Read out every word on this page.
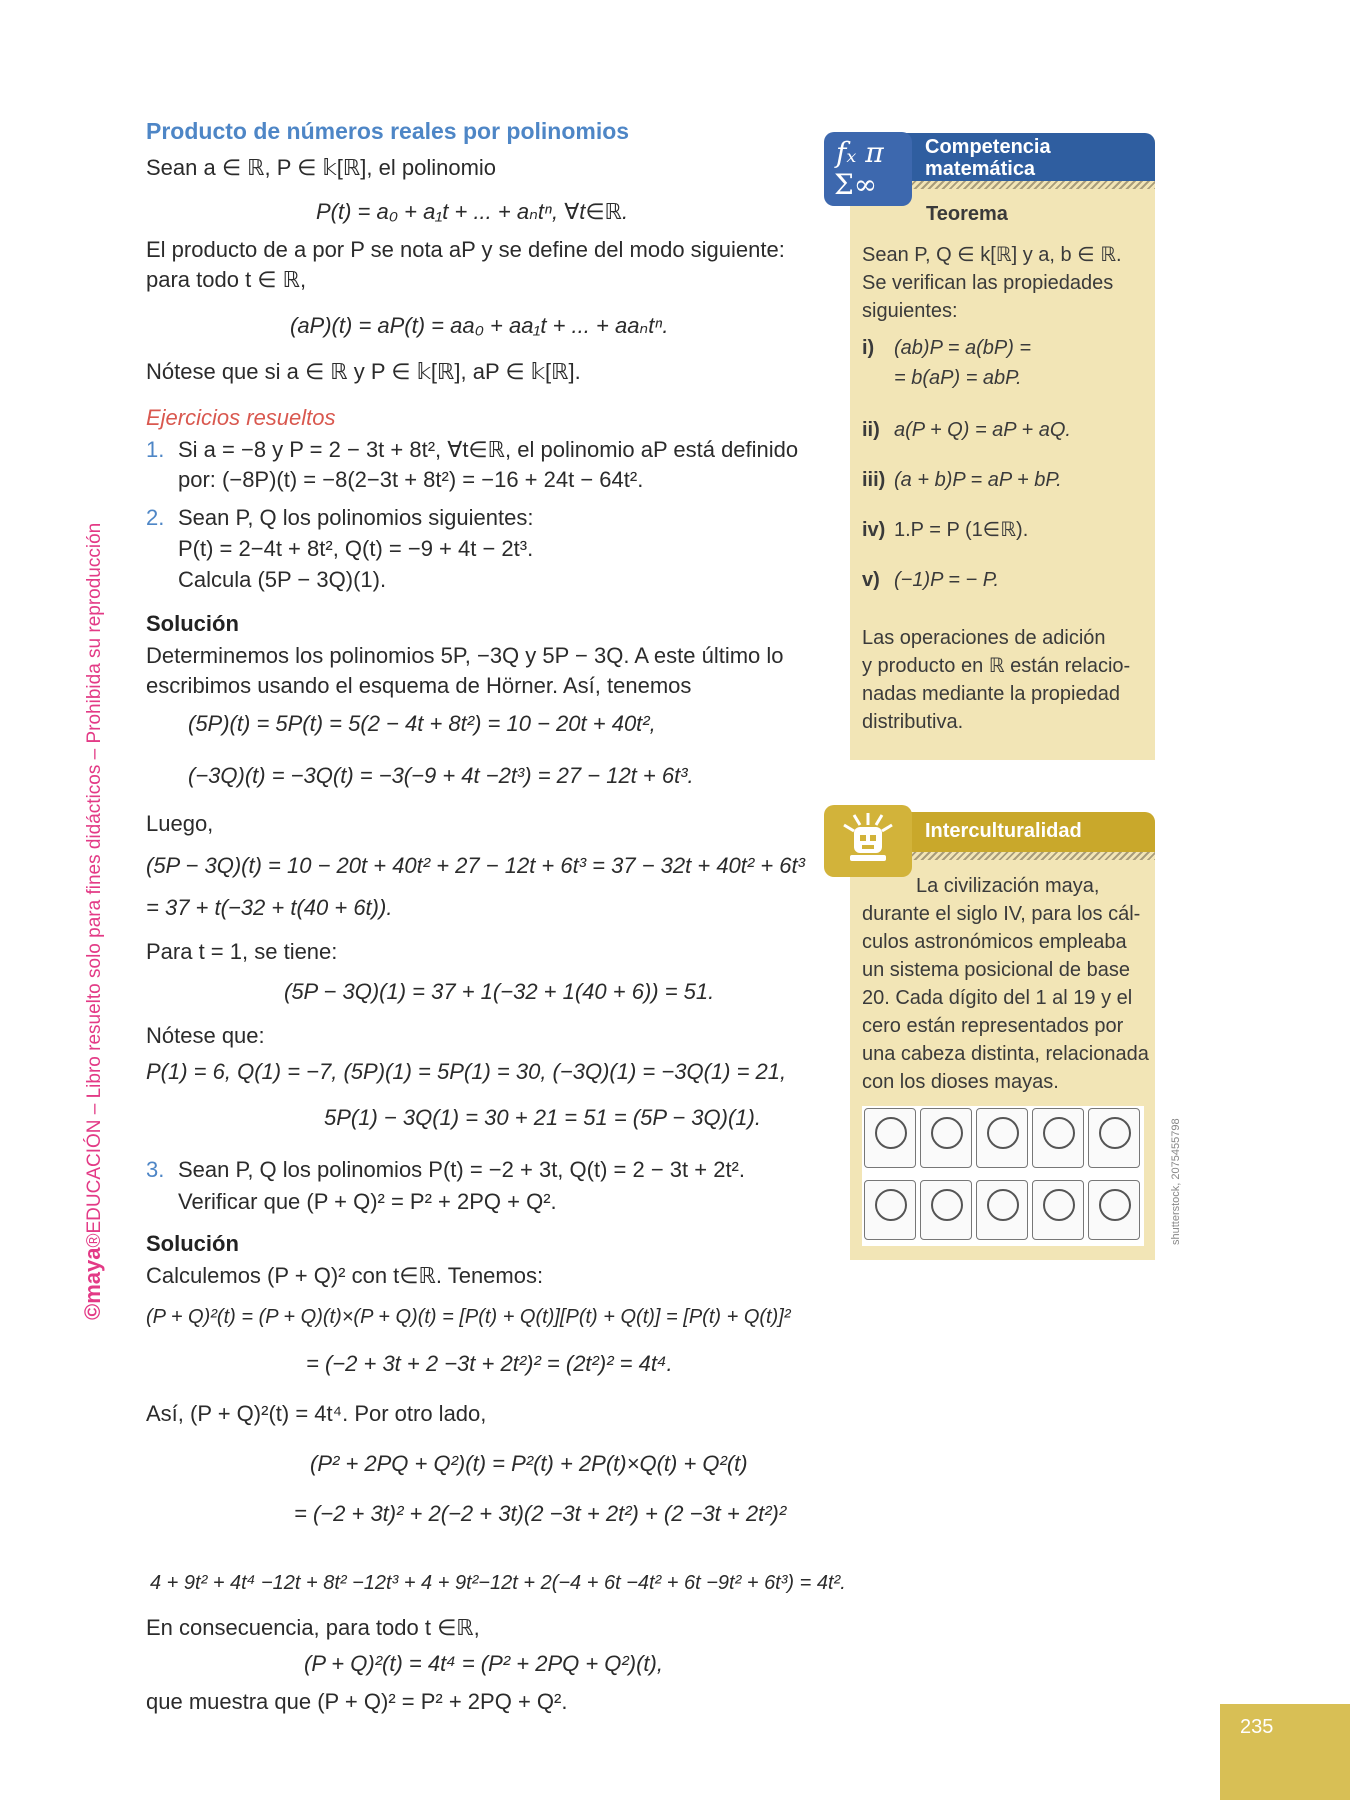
Producto de números reales por polinomios
Sean a ∈ ℝ, P ∈ 𝕜[ℝ], el polinomio
P(t) = a₀ + a₁t + ... + aₙtⁿ, ∀t∈ℝ.
El producto de a por P se nota aP y se define del modo siguiente:
para todo t ∈ ℝ,
(aP)(t) = aP(t) = aa₀ + aa₁t + ... + aaₙtⁿ.
Nótese que si a ∈ ℝ y P ∈ 𝕜[ℝ], aP ∈ 𝕜[ℝ].
Ejercicios resueltos
1. Si a = −8 y P = 2 − 3t + 8t², ∀t∈ℝ, el polinomio aP está definido
por: (−8P)(t) = −8(2−3t + 8t²) = −16 + 24t − 64t².
2. Sean P, Q los polinomios siguientes:
P(t) = 2−4t + 8t², Q(t) = −9 + 4t − 2t³.
Calcula (5P − 3Q)(1).
Solución
Determinemos los polinomios 5P, −3Q y 5P − 3Q. A este último lo
escribimos usando el esquema de Hörner. Así, tenemos
(5P)(t) = 5P(t) = 5(2 − 4t + 8t²) = 10 − 20t + 40t²,
(−3Q)(t) = −3Q(t) = −3(−9 + 4t −2t³) = 27 − 12t + 6t³.
Luego,
(5P − 3Q)(t) = 10 − 20t + 40t² + 27 − 12t + 6t³ = 37 − 32t + 40t² + 6t³
= 37 + t(−32 + t(40 + 6t)).
Para t = 1, se tiene:
(5P − 3Q)(1) = 37 + 1(−32 + 1(40 + 6)) = 51.
Nótese que:
P(1) = 6, Q(1) = −7, (5P)(1) = 5P(1) = 30, (−3Q)(1) = −3Q(1) = 21,
5P(1) − 3Q(1) = 30 + 21 = 51 = (5P − 3Q)(1).
3. Sean P, Q los polinomios P(t) = −2 + 3t, Q(t) = 2 − 3t + 2t².
Verificar que (P + Q)² = P² + 2PQ + Q².
Solución
Calculemos (P + Q)² con t∈ℝ. Tenemos:
(P + Q)²(t) = (P + Q)(t)×(P + Q)(t) = [P(t) + Q(t)][P(t) + Q(t)] = [P(t) + Q(t)]²
= (−2 + 3t + 2 −3t + 2t²)² = (2t²)² = 4t⁴.
Así, (P + Q)²(t) = 4t⁴. Por otro lado,
(P² + 2PQ + Q²)(t) = P²(t) + 2P(t)×Q(t) + Q²(t)
= (−2 + 3t)² + 2(−2 + 3t)(2 −3t + 2t²) + (2 −3t + 2t²)²
4 + 9t² + 4t⁴ −12t + 8t² −12t³ + 4 + 9t²−12t + 2(−4 + 6t −4t² + 6t −9t² + 6t³) = 4t².
En consecuencia, para todo t ∈ℝ,
(P + Q)²(t) = 4t⁴ = (P² + 2PQ + Q²)(t),
que muestra que (P + Q)² = P² + 2PQ + Q².
Competencia
matemática
𝑓ₓ π
Σ∞
Teorema
Sean P, Q ∈ k[ℝ] y a, b ∈ ℝ.
Se verifican las propiedades
siguientes:
i) (ab)P = a(bP) =
= b(aP) = abP.
ii) a(P + Q) = aP + aQ.
iii) (a + b)P = aP + bP.
iv) 1.P = P (1∈ℝ).
v) (−1)P = − P.
Las operaciones de adición
y producto en ℝ están relacio-
nadas mediante la propiedad
distributiva.
Interculturalidad
La civilización maya,
durante el siglo IV, para los cál-
culos astronómicos empleaba
un sistema posicional de base
20. Cada dígito del 1 al 19 y el
cero están representados por
una cabeza distinta, relacionada
con los dioses mayas.
shutterstock, 2075455798
©maya®EDUCACIÓN – Libro resuelto solo para fines didácticos – Prohibida su reproducción
235
